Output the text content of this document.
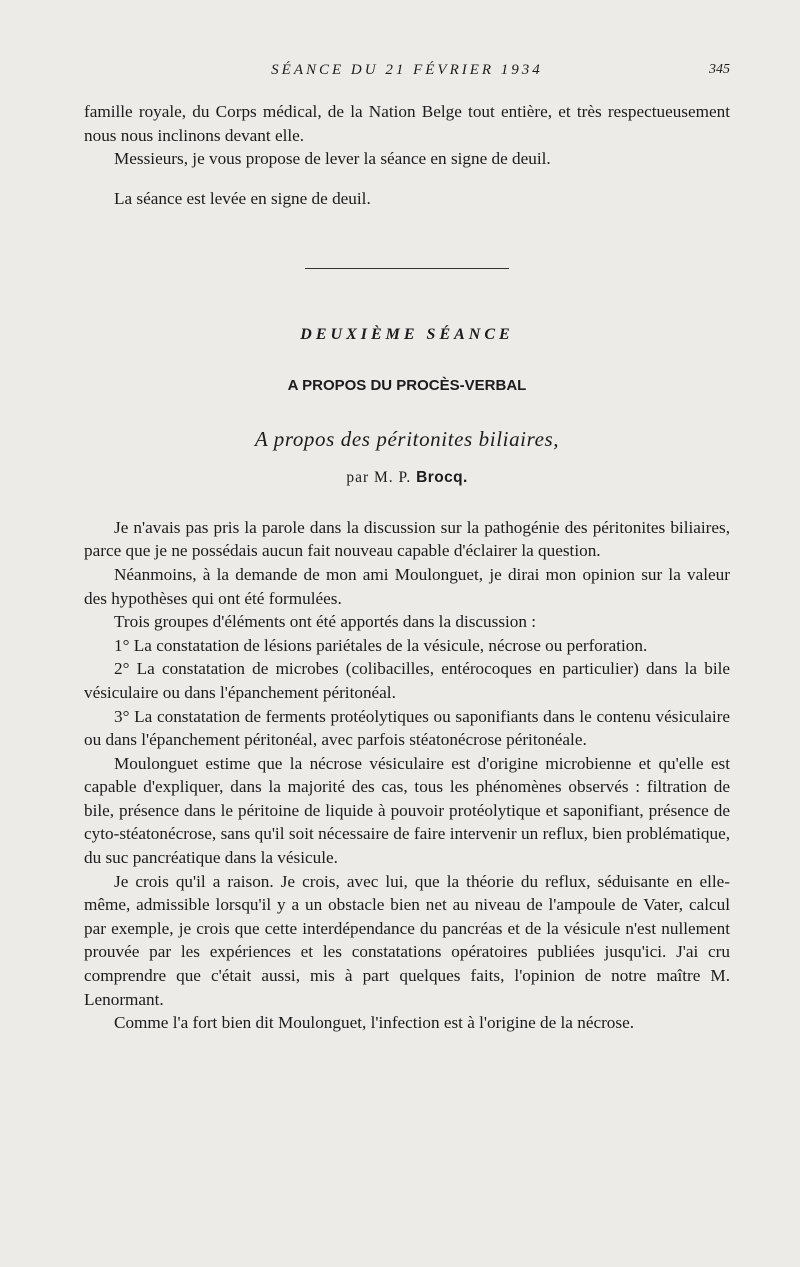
SÉANCE DU 21 FÉVRIER 1934	345

famille royale, du Corps médical, de la Nation Belge tout entière, et très respectueusement nous nous inclinons devant elle.

Messieurs, je vous propose de lever la séance en signe de deuil.

La séance est levée en signe de deuil.

DEUXIÈME SÉANCE
A PROPOS DU PROCÈS-VERBAL
A propos des péritonites biliaires,
par M. P. Brocq.

Je n'avais pas pris la parole dans la discussion sur la pathogénie des péritonites biliaires, parce que je ne possédais aucun fait nouveau capable d'éclairer la question.

Néanmoins, à la demande de mon ami Moulonguet, je dirai mon opinion sur la valeur des hypothèses qui ont été formulées.

Trois groupes d'éléments ont été apportés dans la discussion :

1° La constatation de lésions pariétales de la vésicule, nécrose ou perforation.

2° La constatation de microbes (colibacilles, entérocoques en particulier) dans la bile vésiculaire ou dans l'épanchement péritonéal.

3° La constatation de ferments protéolytiques ou saponifiants dans le contenu vésiculaire ou dans l'épanchement péritonéal, avec parfois stéatonécrose péritonéale.

Moulonguet estime que la nécrose vésiculaire est d'origine microbienne et qu'elle est capable d'expliquer, dans la majorité des cas, tous les phénomènes observés : filtration de bile, présence dans le péritoine de liquide à pouvoir protéolytique et saponifiant, présence de cyto-stéatonécrose, sans qu'il soit nécessaire de faire intervenir un reflux, bien problématique, du suc pancréatique dans la vésicule.

Je crois qu'il a raison. Je crois, avec lui, que la théorie du reflux, séduisante en elle-même, admissible lorsqu'il y a un obstacle bien net au niveau de l'ampoule de Vater, calcul par exemple, je crois que cette interdépendance du pancréas et de la vésicule n'est nullement prouvée par les expériences et les constatations opératoires publiées jusqu'ici. J'ai cru comprendre que c'était aussi, mis à part quelques faits, l'opinion de notre maître M. Lenormant.

Comme l'a fort bien dit Moulonguet, l'infection est à l'origine de la nécrose.
